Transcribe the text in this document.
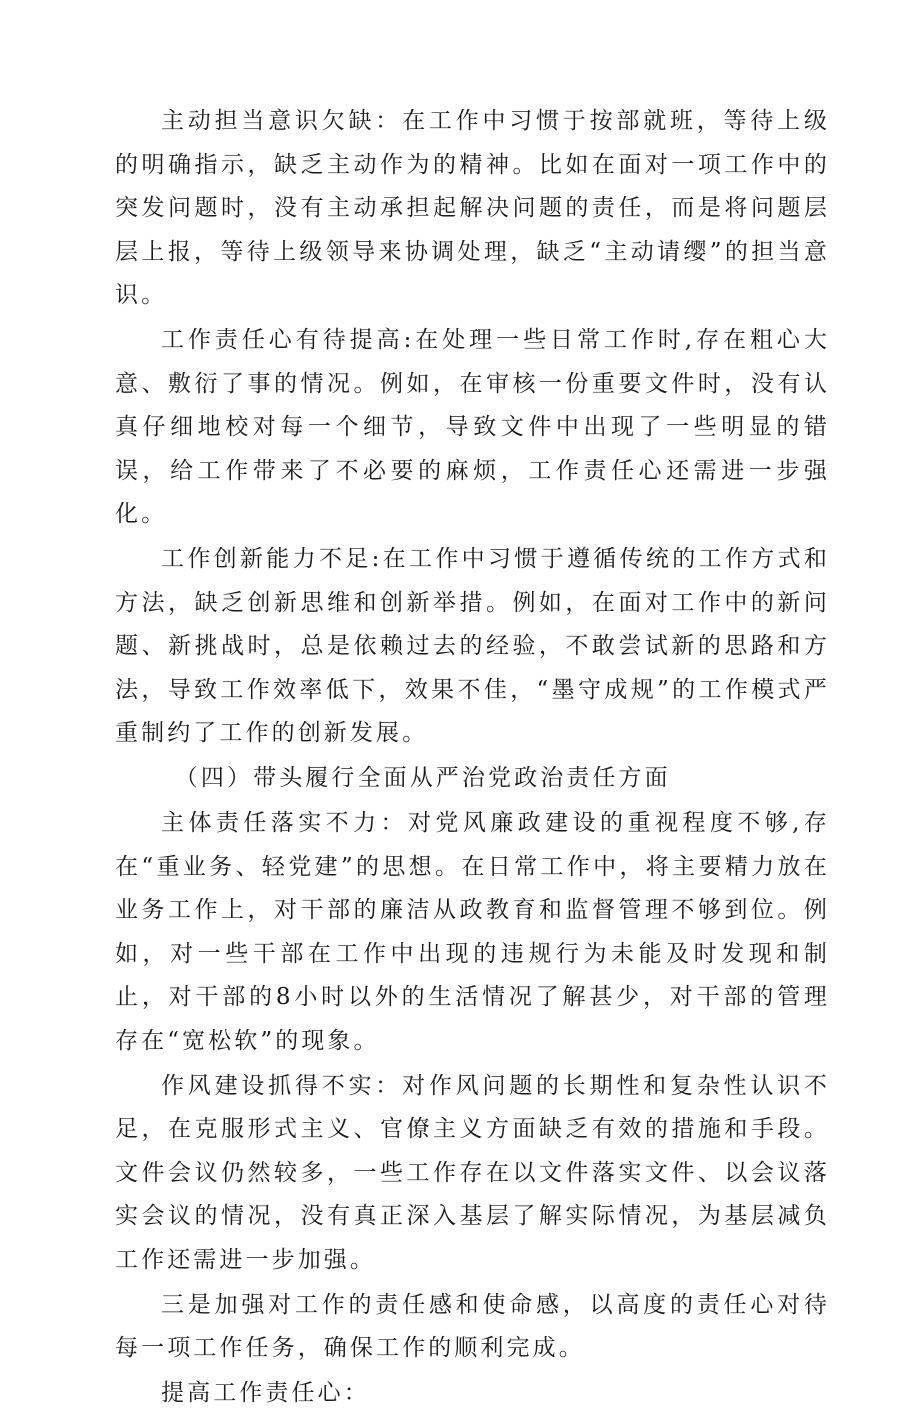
主动担当意识欠缺：在工作中习惯于按部就班，等待上级的明确指示，缺乏主动作为的精神。比如在面对一项工作中的突发问题时，没有主动承担起解决问题的责任，而是将问题层层上报，等待上级领导来协调处理，缺乏“主动请缨”的担当意识。

工作责任心有待提高:在处理一些日常工作时,存在粗心大意、敷衍了事的情况。例如，在审核一份重要文件时，没有认真仔细地校对每一个细节，导致文件中出现了一些明显的错误，给工作带来了不必要的麻烦，工作责任心还需进一步强化。

工作创新能力不足:在工作中习惯于遵循传统的工作方式和方法，缺乏创新思维和创新举措。例如，在面对工作中的新问题、新挑战时，总是依赖过去的经验，不敢尝试新的思路和方法，导致工作效率低下，效果不佳，“墨守成规”的工作模式严重制约了工作的创新发展。

（四）带头履行全面从严治党政治责任方面

主体责任落实不力：对党风廉政建设的重视程度不够,存在“重业务、轻党建”的思想。在日常工作中，将主要精力放在业务工作上，对干部的廉洁从政教育和监督管理不够到位。例如，对一些干部在工作中出现的违规行为未能及时发现和制止，对干部的8小时以外的生活情况了解甚少，对干部的管理存在“宽松软”的现象。

作风建设抓得不实：对作风问题的长期性和复杂性认识不足，在克服形式主义、官僚主义方面缺乏有效的措施和手段。文件会议仍然较多，一些工作存在以文件落实文件、以会议落实会议的情况，没有真正深入基层了解实际情况，为基层减负工作还需进一步加强。

三是加强对工作的责任感和使命感，以高度的责任心对待每一项工作任务，确保工作的顺利完成。

提高工作责任心：
